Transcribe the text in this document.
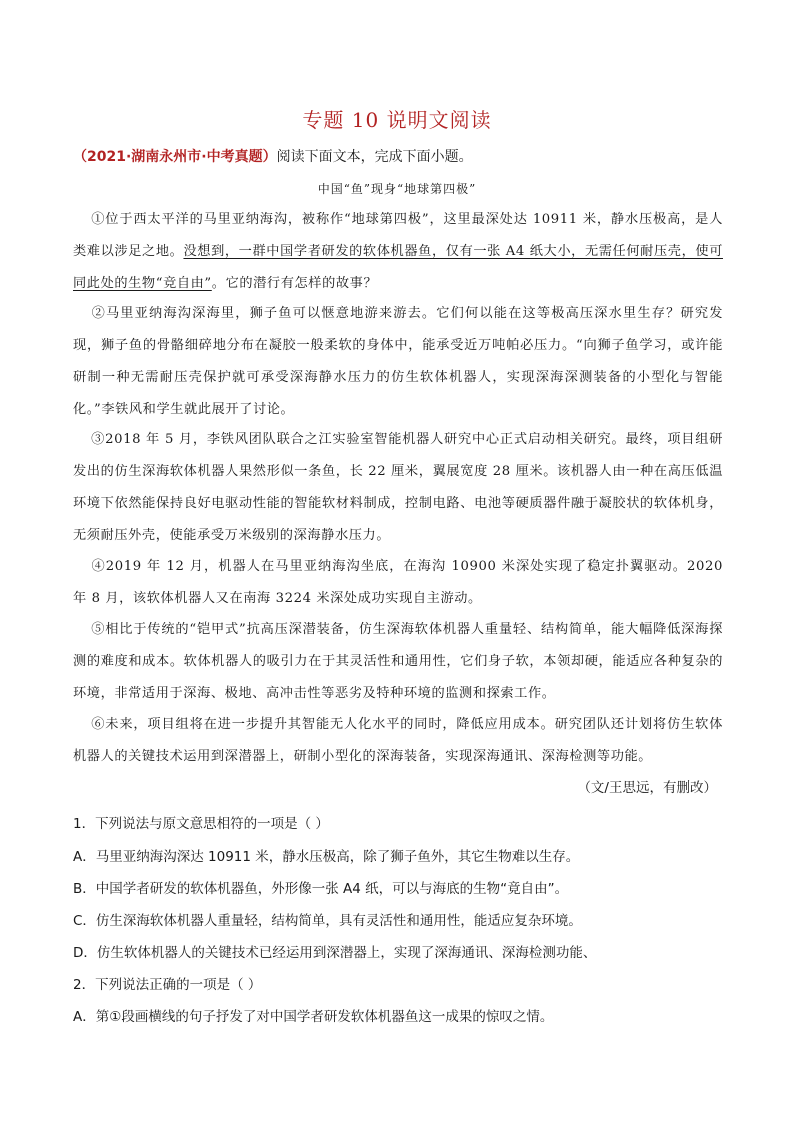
专题 10 说明文阅读
（2021·湖南永州市·中考真题）阅读下面文本，完成下面小题。
中国“鱼”现身“地球第四极”
①位于西太平洋的马里亚纳海沟，被称作“地球第四极”，这里最深处达 10911 米，静水压极高，是人类难以涉足之地。没想到，一群中国学者研发的软体机器鱼，仅有一张 A4 纸大小，无需任何耐压壳，使可同此处的生物“竞自由”。它的潜行有怎样的故事？
②马里亚纳海沟深海里，狮子鱼可以惬意地游来游去。它们何以能在这等极高压深水里生存？研究发现，狮子鱼的骨骼细碎地分布在凝胶一般柔软的身体中，能承受近万吨帕必压力。“向狮子鱼学习，或许能研制一种无需耐压壳保护就可承受深海静水压力的仿生软体机器人，实现深海深测装备的小型化与智能化。”李铁风和学生就此展开了讨论。
③2018 年 5 月，李铁风团队联合之江实验室智能机器人研究中心正式启动相关研究。最终，项目组研发出的仿生深海软体机器人果然形似一条鱼，长 22 厘米，翼展宽度 28 厘米。该机器人由一种在高压低温环境下依然能保持良好电驱动性能的智能软材料制成，控制电路、电池等硬质器件融于凝胶状的软体机身，无须耐压外壳，使能承受万米级别的深海静水压力。
④2019 年 12 月，机器人在马里亚纳海沟坐底，在海沟 10900 米深处实现了稳定扑翼驱动。2020 年 8 月，该软体机器人又在南海 3224 米深处成功实现自主游动。
⑤相比于传统的“铠甲式”抗高压深潜装备，仿生深海软体机器人重量轻、结构简单，能大幅降低深海探测的难度和成本。软体机器人的吸引力在于其灵活性和通用性，它们身子软，本领却硬，能适应各种复杂的环境，非常适用于深海、极地、高冲击性等恶劣及特种环境的监测和探索工作。
⑥未来，项目组将在进一步提升其智能无人化水平的同时，降低应用成本。研究团队还计划将仿生软体机器人的关键技术运用到深潜器上，研制小型化的深海装备，实现深海通讯、深海检测等功能。
（文/王思远，有删改）
1．下列说法与原文意思相符的一项是（ ）
A．马里亚纳海沟深达 10911 米，静水压极高，除了狮子鱼外，其它生物难以生存。
B．中国学者研发的软体机器鱼，外形像一张 A4 纸，可以与海底的生物“竟自由”。
C．仿生深海软体机器人重量轻，结构简单，具有灵活性和通用性，能适应复杂环境。
D．仿生软体机器人的关键技术已经运用到深潜器上，实现了深海通讯、深海检测功能、
2．下列说法正确的一项是（ ）
A．第①段画横线的句子抒发了对中国学者研发软体机器鱼这一成果的惊叹之情。
